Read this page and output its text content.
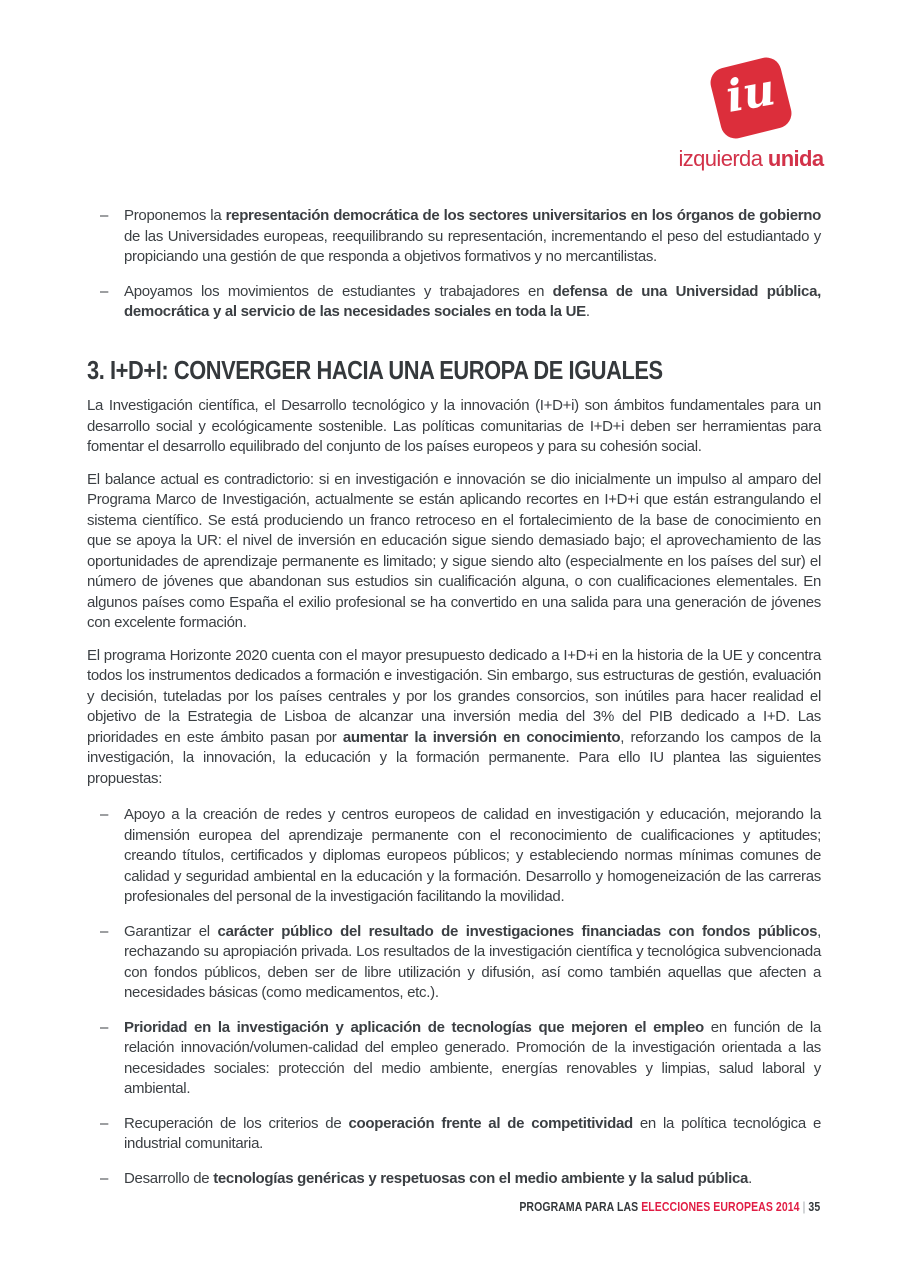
iu
izquierda unida
– Proponemos la representación democrática de los sectores universitarios en los órganos de gobierno de las Universidades europeas, reequilibrando su representación, incrementando el peso del estudiantado y propiciando una gestión de que responda a objetivos formativos y no mercantilistas.
– Apoyamos los movimientos de estudiantes y trabajadores en defensa de una Universidad pública, democrática y al servicio de las necesidades sociales en toda la UE.
3. I+D+I: CONVERGER HACIA UNA EUROPA DE IGUALES

La Investigación científica, el Desarrollo tecnológico y la innovación (I+D+i) son ámbitos fundamentales para un desarrollo social y ecológicamente sostenible. Las políticas comunitarias de I+D+i deben ser herramientas para fomentar el desarrollo equilibrado del conjunto de los países europeos y para su cohesión social.

El balance actual es contradictorio: si en investigación e innovación se dio inicialmente un impulso al amparo del Programa Marco de Investigación, actualmente se están aplicando recortes en I+D+i que están estrangulando el sistema científico. Se está produciendo un franco retroceso en el fortalecimiento de la base de conocimiento en que se apoya la UR: el nivel de inversión en educación sigue siendo demasiado bajo; el aprovechamiento de las oportunidades de aprendizaje permanente es limitado; y sigue siendo alto (especialmente en los países del sur) el número de jóvenes que abandonan sus estudios sin cualificación alguna, o con cualificaciones elementales. En algunos países como España el exilio profesional se ha convertido en una salida para una generación de jóvenes con excelente formación.

El programa Horizonte 2020 cuenta con el mayor presupuesto dedicado a I+D+i en la historia de la UE y concentra todos los instrumentos dedicados a formación e investigación. Sin embargo, sus estructuras de gestión, evaluación y decisión, tuteladas por los países centrales y por los grandes consorcios, son inútiles para hacer realidad el objetivo de la Estrategia de Lisboa de alcanzar una inversión media del 3% del PIB dedicado a I+D. Las prioridades en este ámbito pasan por aumentar la inversión en conocimiento, reforzando los campos de la investigación, la innovación, la educación y la formación permanente. Para ello IU plantea las siguientes propuestas:

– Apoyo a la creación de redes y centros europeos de calidad en investigación y educación, mejorando la dimensión europea del aprendizaje permanente con el reconocimiento de cualificaciones y aptitudes; creando títulos, certificados y diplomas europeos públicos; y estableciendo normas mínimas comunes de calidad y seguridad ambiental en la educación y la formación. Desarrollo y homogeneización de las carreras profesionales del personal de la investigación facilitando la movilidad.
– Garantizar el carácter público del resultado de investigaciones financiadas con fondos públicos, rechazando su apropiación privada. Los resultados de la investigación científica y tecnológica subvencionada con fondos públicos, deben ser de libre utilización y difusión, así como también aquellas que afecten a necesidades básicas (como medicamentos, etc.).
– Prioridad en la investigación y aplicación de tecnologías que mejoren el empleo en función de la relación innovación/volumen-calidad del empleo generado. Promoción de la investigación orientada a las necesidades sociales: protección del medio ambiente, energías renovables y limpias, salud laboral y ambiental.
– Recuperación de los criterios de cooperación frente al de competitividad en la política tecnológica e industrial comunitaria.
– Desarrollo de tecnologías genéricas y respetuosas con el medio ambiente y la salud pública.
PROGRAMA PARA LAS ELECCIONES EUROPEAS 2014 | 35
